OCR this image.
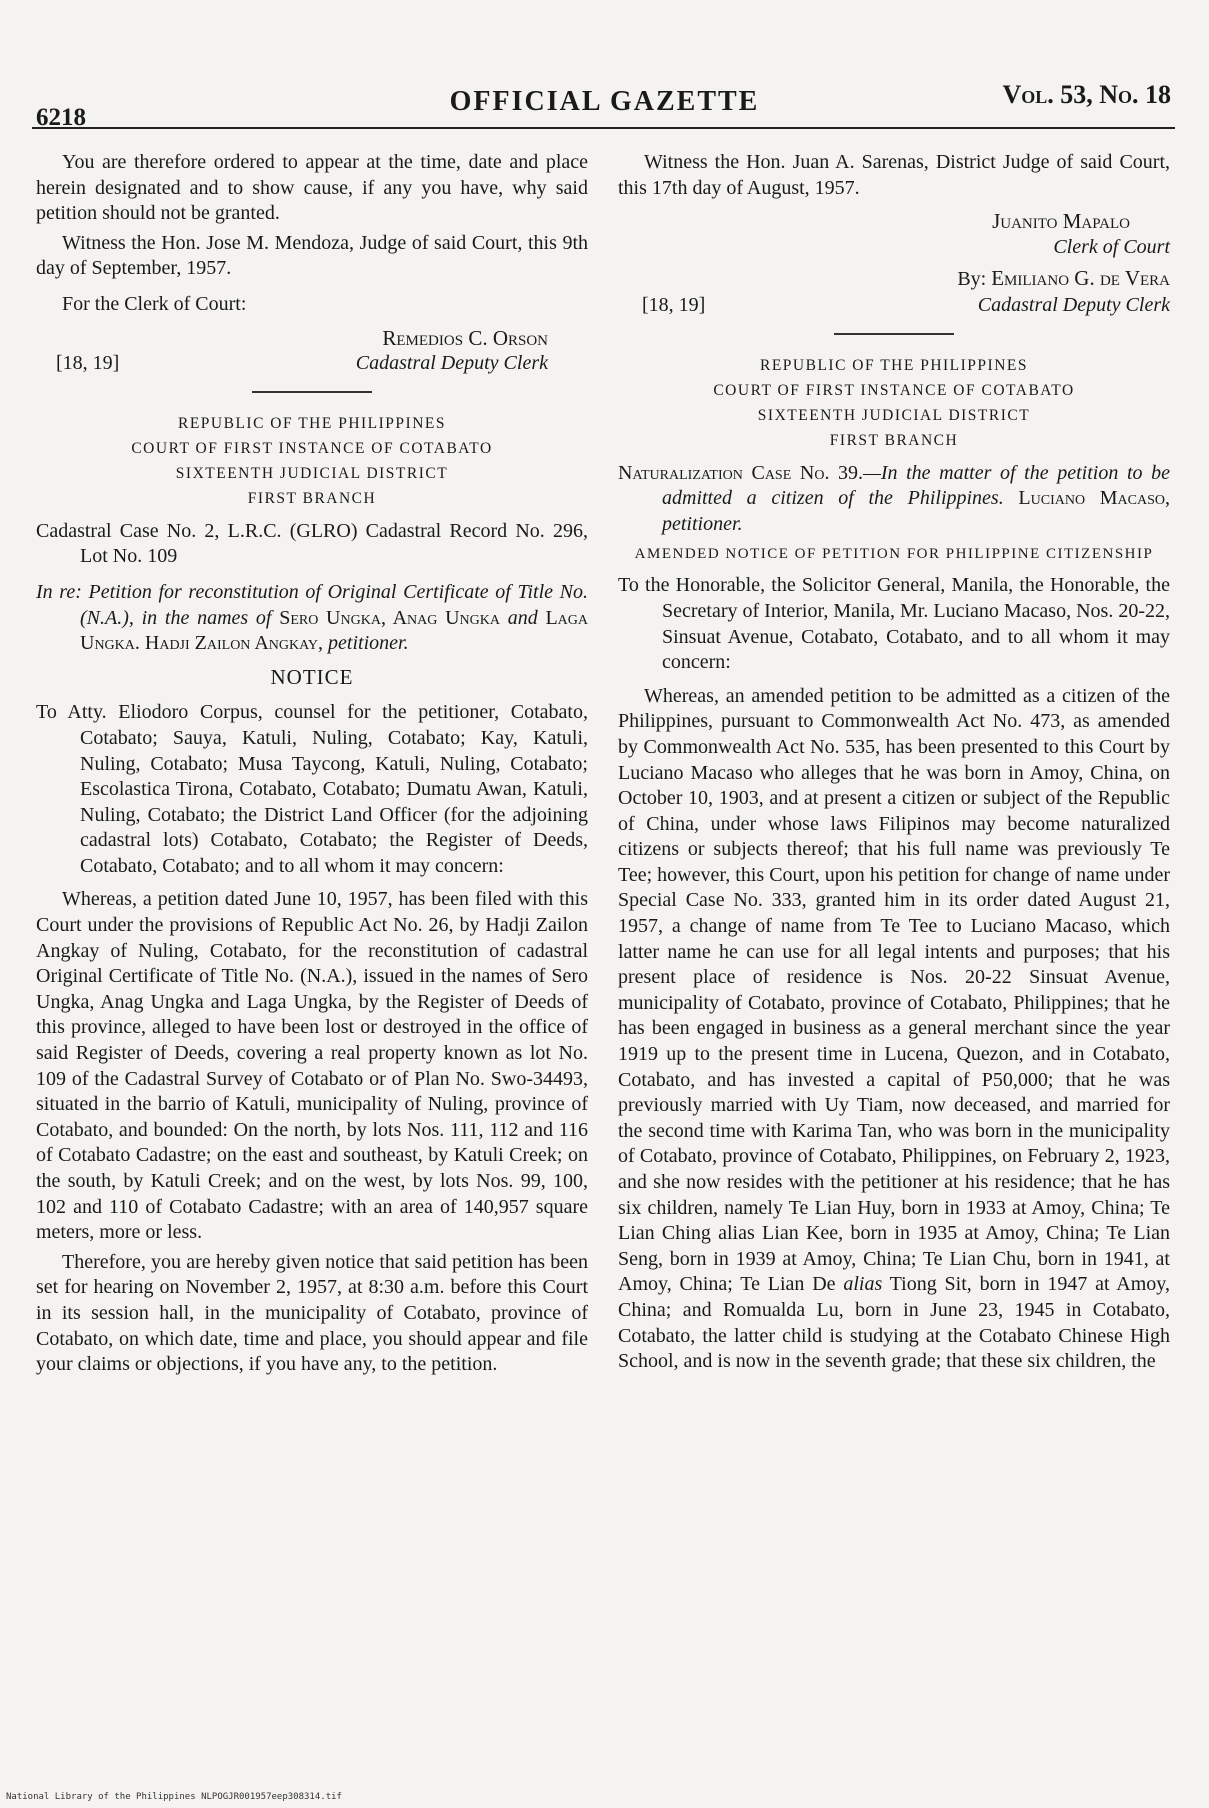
6218
OFFICIAL GAZETTE	Vol. 53, No. 18

You are therefore ordered to appear at the time, date and place herein designated and to show cause, if any you have, why said petition should not be granted.

Witness the Hon. Jose M. Mendoza, Judge of said Court, this 9th day of September, 1957.

For the Clerk of Court:

Remedios C. Orson

[18, 19]	Cadastral Deputy Clerk
REPUBLIC OF THE PHILIPPINES
COURT OF FIRST INSTANCE OF COTABATO
SIXTEENTH JUDICIAL DISTRICT
FIRST BRANCH

Cadastral Case No. 2, L.R.C. (GLRO) Cadastral Record No. 296, Lot No. 109

In re: Petition for reconstitution of Original Certificate of Title No. (N.A.), in the names of Sero Ungka, Anag Ungka and Laga Ungka. Hadji Zailon Angkay, petitioner.

NOTICE

To Atty. Eliodoro Corpus, counsel for the petitioner, Cotabato, Cotabato; Sauya, Katuli, Nuling, Cotabato; Kay, Katuli, Nuling, Cotabato; Musa Taycong, Katuli, Nuling, Cotabato; Escolastica Tirona, Cotabato, Cotabato; Dumatu Awan, Katuli, Nuling, Cotabato; the District Land Officer (for the adjoining cadastral lots) Cotabato, Cotabato; the Register of Deeds, Cotabato, Cotabato; and to all whom it may concern:

Whereas, a petition dated June 10, 1957, has been filed with this Court under the provisions of Republic Act No. 26, by Hadji Zailon Angkay of Nuling, Cotabato, for the reconstitution of cadastral Original Certificate of Title No. (N.A.), issued in the names of Sero Ungka, Anag Ungka and Laga Ungka, by the Register of Deeds of this province, alleged to have been lost or destroyed in the office of said Register of Deeds, covering a real property known as lot No. 109 of the Cadastral Survey of Cotabato or of Plan No. Swo-34493, situated in the barrio of Katuli, municipality of Nuling, province of Cotabato, and bounded: On the north, by lots Nos. 111, 112 and 116 of Cotabato Cadastre; on the east and southeast, by Katuli Creek; on the south, by Katuli Creek; and on the west, by lots Nos. 99, 100, 102 and 110 of Cotabato Cadastre; with an area of 140,957 square meters, more or less.

Therefore, you are hereby given notice that said petition has been set for hearing on November 2, 1957, at 8:30 a.m. before this Court in its session hall, in the municipality of Cotabato, province of Cotabato, on which date, time and place, you should appear and file your claims or objections, if you have any, to the petition.

Witness the Hon. Juan A. Sarenas, District Judge of said Court, this 17th day of August, 1957.

Juanito Mapalo

Clerk of Court

By: Emiliano G. de Vera

[18, 19]	Cadastral Deputy Clerk
REPUBLIC OF THE PHILIPPINES
COURT OF FIRST INSTANCE OF COTABATO
SIXTEENTH JUDICIAL DISTRICT
FIRST BRANCH

Naturalization Case No. 39.—In the matter of the petition to be admitted a citizen of the Philippines. Luciano Macaso, petitioner.

AMENDED NOTICE OF PETITION FOR PHILIPPINE CITIZENSHIP

To the Honorable, the Solicitor General, Manila, the Honorable, the Secretary of Interior, Manila, Mr. Luciano Macaso, Nos. 20-22, Sinsuat Avenue, Cotabato, Cotabato, and to all whom it may concern:

Whereas, an amended petition to be admitted as a citizen of the Philippines, pursuant to Commonwealth Act No. 473, as amended by Commonwealth Act No. 535, has been presented to this Court by Luciano Macaso who alleges that he was born in Amoy, China, on October 10, 1903, and at present a citizen or subject of the Republic of China, under whose laws Filipinos may become naturalized citizens or subjects thereof; that his full name was previously Te Tee; however, this Court, upon his petition for change of name under Special Case No. 333, granted him in its order dated August 21, 1957, a change of name from Te Tee to Luciano Macaso, which latter name he can use for all legal intents and purposes; that his present place of residence is Nos. 20-22 Sinsuat Avenue, municipality of Cotabato, province of Cotabato, Philippines; that he has been engaged in business as a general merchant since the year 1919 up to the present time in Lucena, Quezon, and in Cotabato, Cotabato, and has invested a capital of P50,000; that he was previously married with Uy Tiam, now deceased, and married for the second time with Karima Tan, who was born in the municipality of Cotabato, province of Cotabato, Philippines, on February 2, 1923, and she now resides with the petitioner at his residence; that he has six children, namely Te Lian Huy, born in 1933 at Amoy, China; Te Lian Ching alias Lian Kee, born in 1935 at Amoy, China; Te Lian Seng, born in 1939 at Amoy, China; Te Lian Chu, born in 1941, at Amoy, China; Te Lian De alias Tiong Sit, born in 1947 at Amoy, China; and Romualda Lu, born in June 23, 1945 in Cotabato, Cotabato, the latter child is studying at the Cotabato Chinese High School, and is now in the seventh grade; that these six children, the

National Library of the Philippines NLPOGJR001957eep308314.tif
